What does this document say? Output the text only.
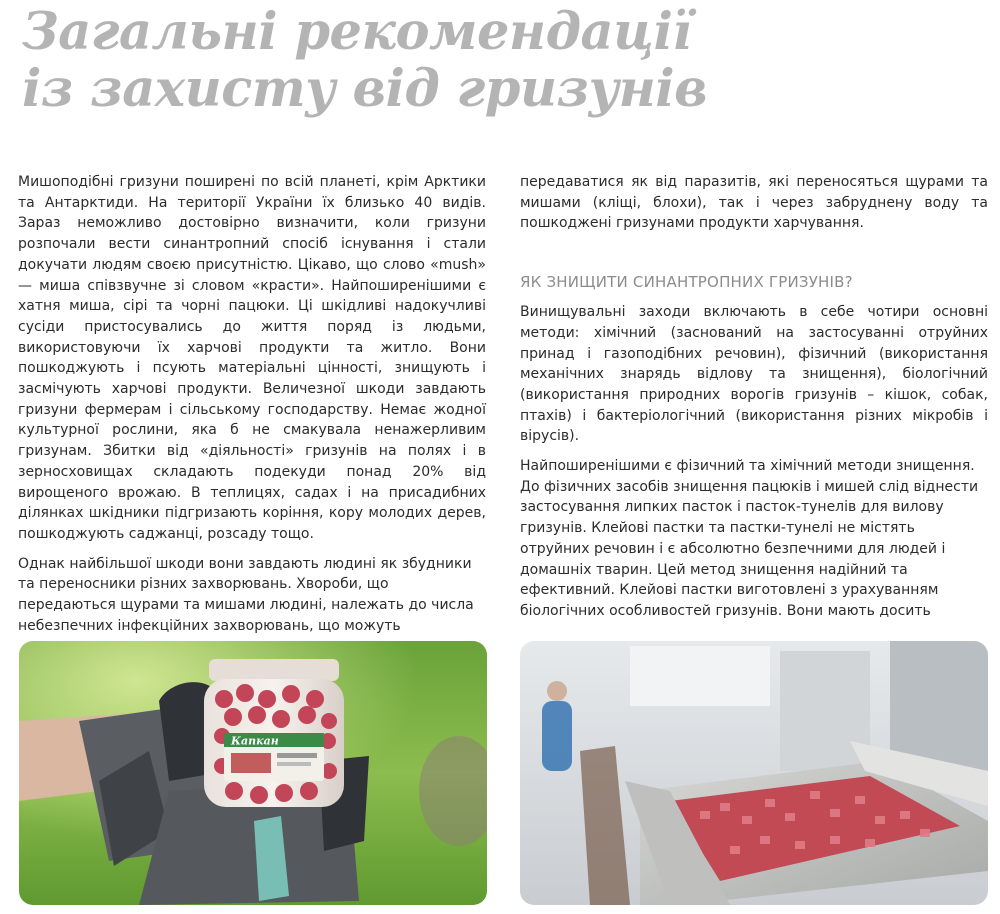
Загальні рекомендації із захисту від гризунів

Мишоподібні гризуни поширені по всій планеті, крім Арктики та Антарктиди. На території України їх близько 40 видів. Зараз неможливо достовірно визначити, коли гризуни розпочали вести синантропний спосіб існування і стали докучати людям своєю присутністю. Цікаво, що слово «mush» — миша співзвучне зі словом «красти». Найпоширенішими є хатня миша, сірі та чорні пацюки. Ці шкідливі надокучливі сусіди пристосувались до життя поряд із людьми, використовуючи їх харчові продукти та житло. Вони пошкоджують і псують матеріальні цінності, знищують і засмічують харчові продукти. Величезної шкоди завдають гризуни фермерам і сільському господарству. Немає жодної культурної рослини, яка б не смакувала ненажерливим гризунам. Збитки від «діяльності» гризунів на полях і в зерносховищах складають подекуди понад 20% від вирощеного врожаю. В теплицях, садах і на присадибних ділянках шкідники підгризають коріння, кору молодих дерев, пошкоджують саджанці, розсаду тощо.

Однак найбільшої шкоди вони завдають людині як збудники та переносники різних захворювань. Хвороби, що передаються щурами та мишами людині, належать до числа небезпечних інфекційних захворювань, що можуть

передаватися як від паразитів, які переносяться щурами та мишами (кліщі, блохи), так і через забруднену воду та пошкоджені гризунами продукти харчування.

ЯК ЗНИЩИТИ СИНАНТРОПНИХ ГРИЗУНІВ?

Винищувальні заходи включають в себе чотири основні методи: хімічний (заснований на застосуванні отруйних принад і газоподібних речовин), фізичний (використання механічних знарядь відлову та знищення), біологічний (використання природних ворогів гризунів – кішок, собак, птахів) і бактеріологічний (використання різних мікробів і вірусів).

Найпоширенішими є фізичний та хімічний методи знищення. До фізичних засобів знищення пацюків і мишей слід віднести застосування липких пасток і пасток-тунелів для вилову гризунів. Клейові пастки та пастки-тунелі не містять отруйних речовин і є абсолютно безпечними для людей і домашніх тварин. Цей метод знищення надійний та ефективний. Клейові пастки виготовлені з урахуванням біологічних особливостей гризунів. Вони мають досить

Капкан
